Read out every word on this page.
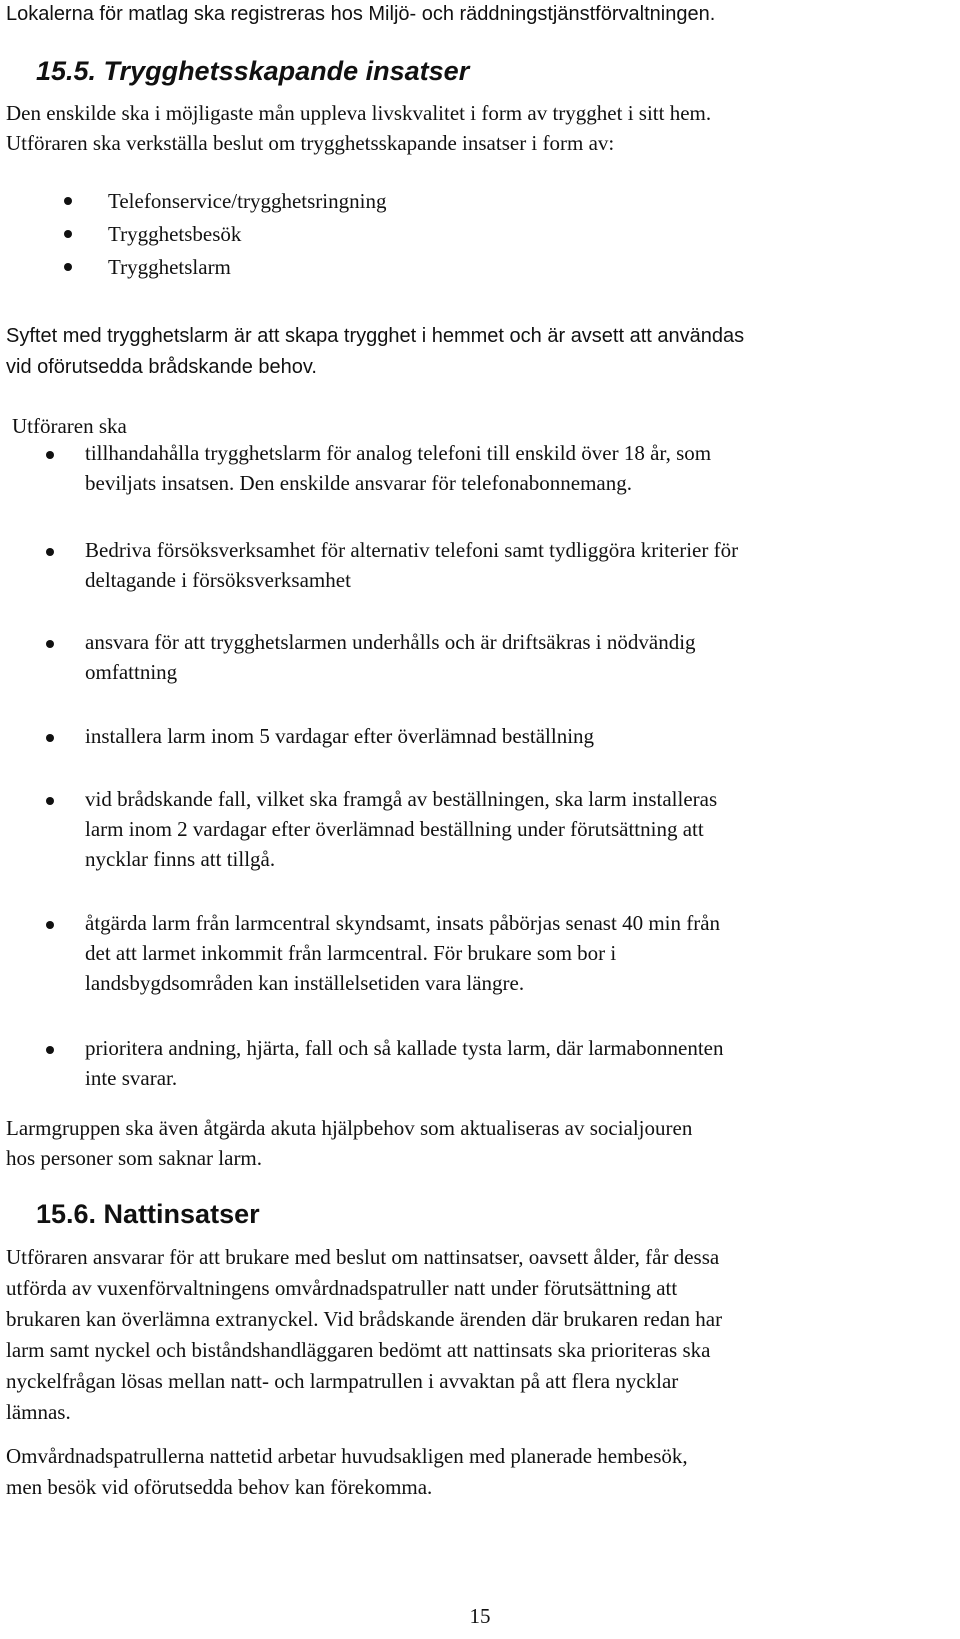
Lokalerna för matlag ska registreras hos Miljö- och räddningstjänstförvaltningen.
15.5. Trygghetsskapande insatser
Den enskilde ska i möjligaste mån uppleva livskvalitet i form av trygghet i sitt hem.
Utföraren ska verkställa beslut om trygghetsskapande insatser i form av:
Telefonservice/trygghetsringning
Trygghetsbesök
Trygghetslarm
Syftet med trygghetslarm är att skapa trygghet i hemmet och är avsett att användas
vid oförutsedda brådskande behov.
Utföraren ska
tillhandahålla trygghetslarm för analog telefoni till enskild över 18 år, som
beviljats insatsen. Den enskilde ansvarar för telefonabonnemang.
Bedriva försöksverksamhet för alternativ telefoni samt tydliggöra kriterier för
deltagande i försöksverksamhet
ansvara för att trygghetslarmen underhålls och är driftsäkras i nödvändig
omfattning
installera larm inom 5 vardagar efter överlämnad beställning
vid brådskande fall, vilket ska framgå av beställningen, ska larm installeras
larm inom 2 vardagar efter överlämnad beställning under förutsättning att
nycklar finns att tillgå.
åtgärda larm från larmcentral skyndsamt, insats påbörjas senast 40 min från
det att larmet inkommit från larmcentral. För brukare som bor i
landsbygdsområden kan inställelsetiden vara längre.
prioritera andning, hjärta, fall och så kallade tysta larm, där larmabonnenten
inte svarar.
Larmgruppen ska även åtgärda akuta hjälpbehov som aktualiseras av socialjouren
hos personer som saknar larm.
15.6. Nattinsatser
Utföraren ansvarar för att brukare med beslut om nattinsatser, oavsett ålder, får dessa
utförda av vuxenförvaltningens omvårdnadspatruller natt under förutsättning att
brukaren kan överlämna extranyckel. Vid brådskande ärenden där brukaren redan har
larm samt nyckel och biståndshandläggaren bedömt att nattinsats ska prioriteras ska
nyckelfrågan lösas mellan natt- och larmpatrullen i avvaktan på att flera nycklar
lämnas.
Omvårdnadspatrullerna nattetid arbetar huvudsakligen med planerade hembesök,
men besök vid oförutsedda behov kan förekomma.
15
